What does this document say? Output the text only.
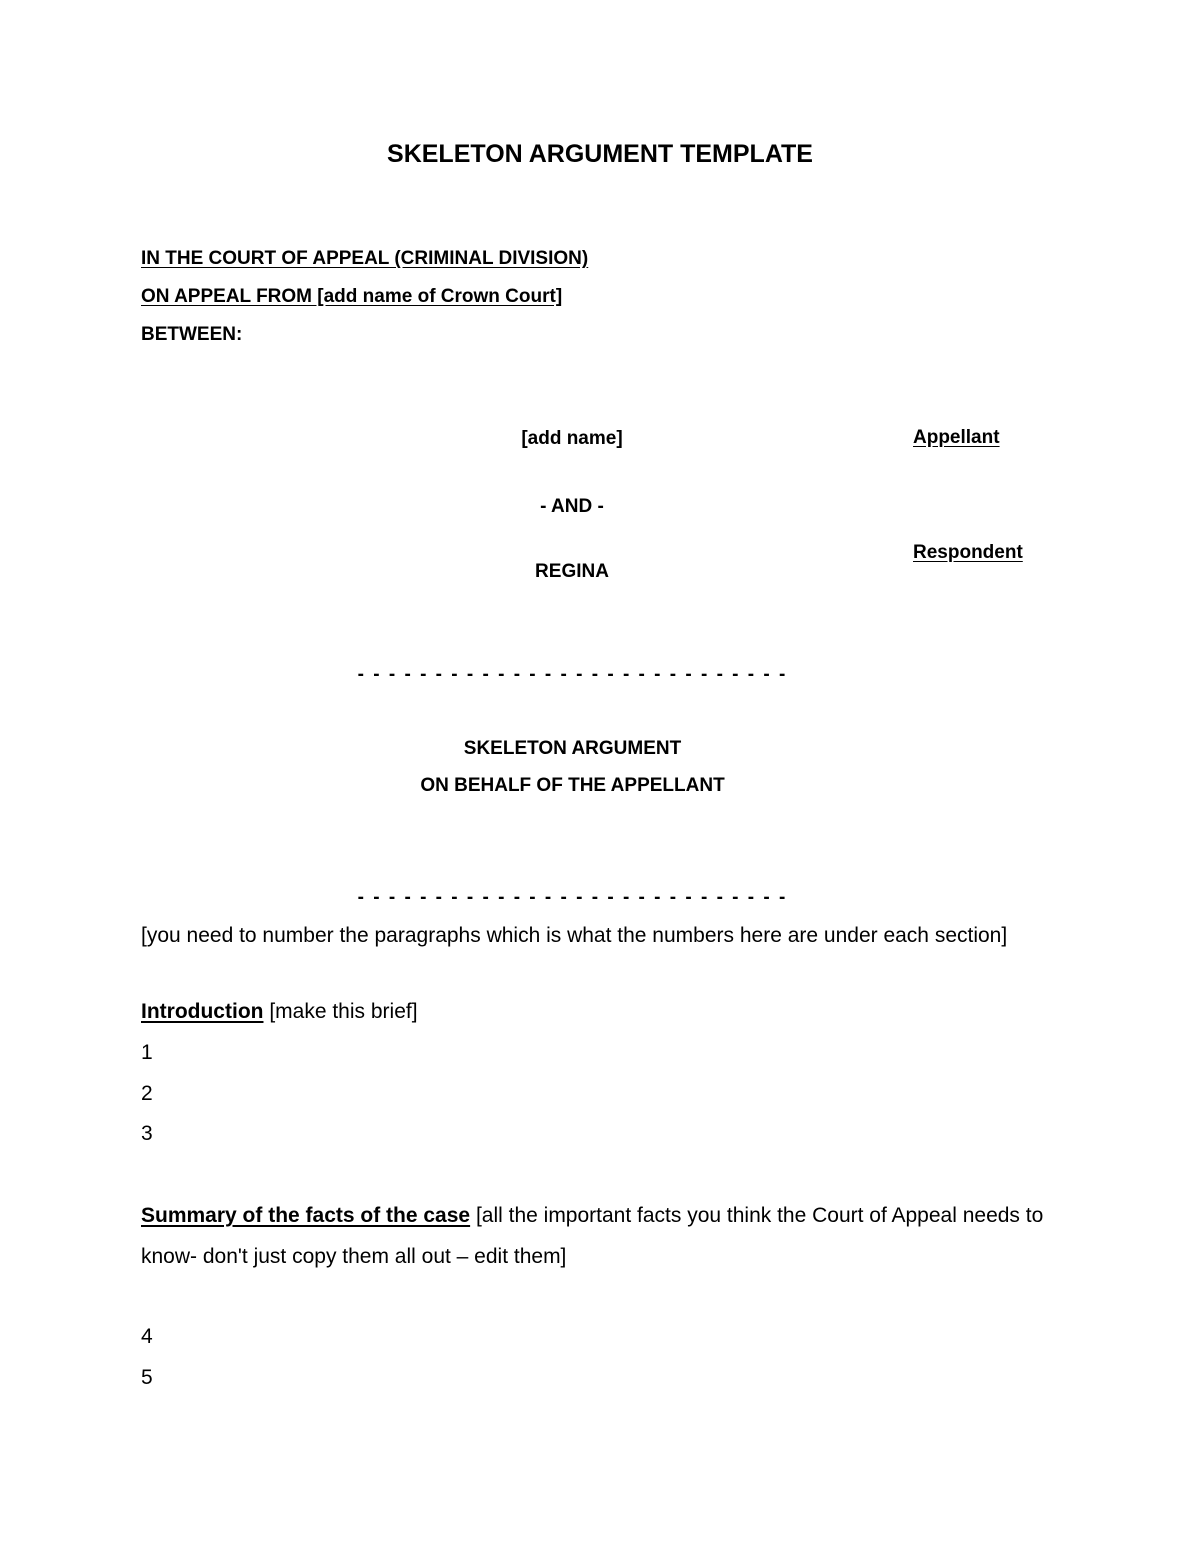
SKELETON ARGUMENT TEMPLATE
IN THE COURT OF APPEAL (CRIMINAL DIVISION)
ON APPEAL FROM [add name of Crown Court]
BETWEEN:
[add name]	Appellant
- AND -
REGINA
Respondent
- - - - - - - - - - - - - - - - - - - - - - - - - - - -
SKELETON ARGUMENT
ON BEHALF OF THE APPELLANT
- - - - - - - - - - - - - - - - - - - - - - - - - - - -
[you need to number the paragraphs which is what the numbers here are under each section]
Introduction [make this brief]
1
2
3
Summary of the facts of the case [all the important facts you think the Court of Appeal needs to know- don't just copy them all out – edit them]
4
5
